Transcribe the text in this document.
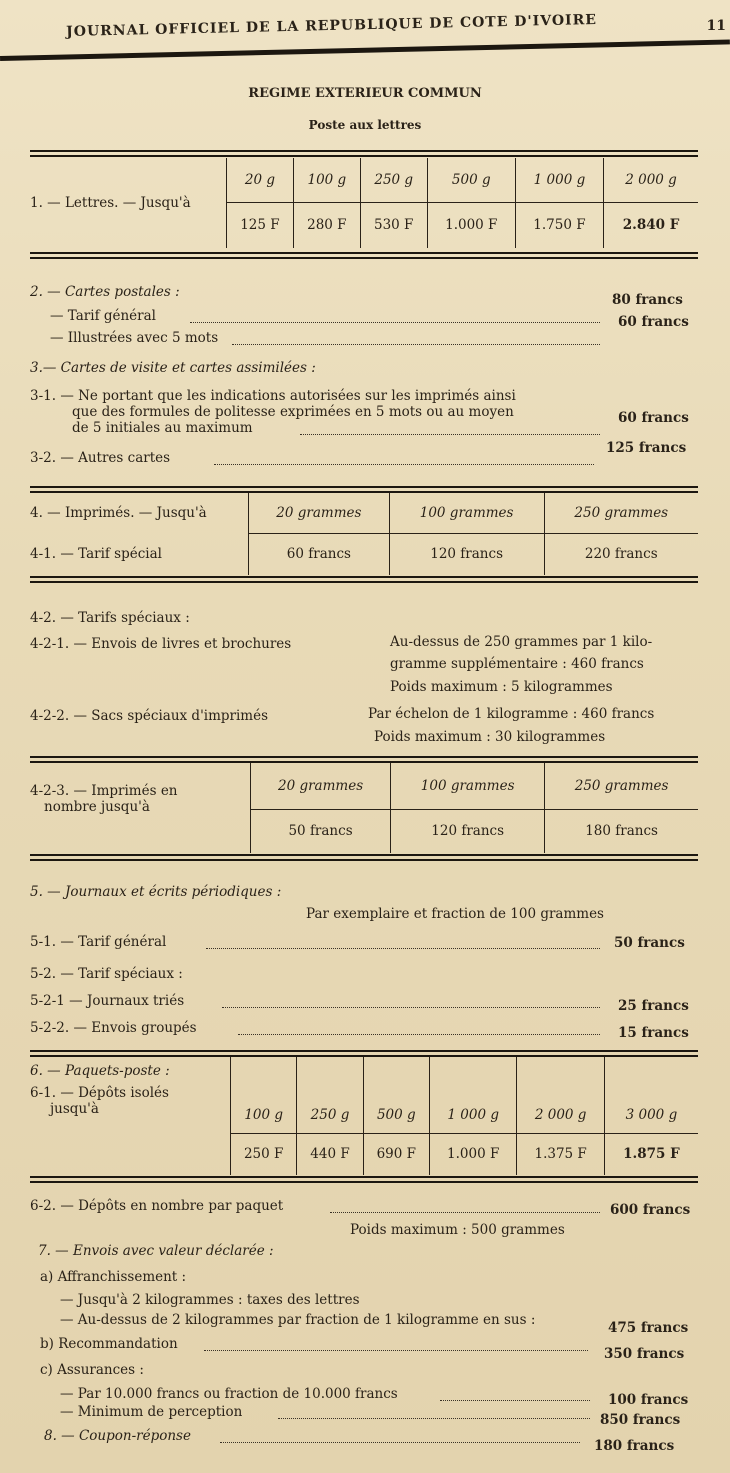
JOURNAL OFFICIEL DE LA REPUBLIQUE DE COTE D'IVOIRE	11
REGIME EXTERIEUR COMMUN
Poste aux lettres
1. — Lettres. — Jusqu'à	20 g	100 g	250 g	500 g	1 000 g	2 000 g
	125 F	280 F	530 F	1.000 F	1.750 F	2.840 F
2. — Cartes postales :
— Tarif général
80 francs
— Illustrées avec 5 mots
60 francs
3.— Cartes de visite et cartes assimilées :
3-1. — Ne portant que les indications autorisées sur les imprimés ainsi
que des formules de politesse exprimées en 5 mots ou au moyen
de 5 initiales au maximum
60 francs
3-2. — Autres cartes
125 francs
4. — Imprimés. — Jusqu'à	20 grammes	100 grammes	250 grammes
4-1. — Tarif spécial	60 francs	120 francs	220 francs
4-2. — Tarifs spéciaux :
4-2-1. — Envois de livres et brochures	Au-dessus de 250 grammes par 1 kilo-
gramme supplémentaire : 460 francs
Poids maximum : 5 kilogrammes
4-2-2. — Sacs spéciaux d'imprimés	Par échelon de 1 kilogramme : 460 francs
Poids maximum : 30 kilogrammes
4-2-3. — Imprimés en
nombre jusqu'à	20 grammes	100 grammes	250 grammes
	50 francs	120 francs	180 francs
5. — Journaux et écrits périodiques :
Par exemplaire et fraction de 100 grammes
5-1. — Tarif général	50 francs
5-2. — Tarif spéciaux :
5-2-1 — Journaux triés	25 francs
5-2-2. — Envois groupés	15 francs
6. — Paquets-poste :
6-1. — Dépôts isolés
jusqu'à	100 g	250 g	500 g	1 000 g	2 000 g	3 000 g
	250 F	440 F	690 F	1.000 F	1.375 F	1.875 F
6-2. — Dépôts en nombre par paquet	600 francs
Poids maximum : 500 grammes
7. — Envois avec valeur déclarée :
a) Affranchissement :
— Jusqu'à 2 kilogrammes : taxes des lettres
— Au-dessus de 2 kilogrammes par fraction de 1 kilogramme en sus :	475 francs
b) Recommandation
350 francs
c) Assurances :
— Par 10.000 francs ou fraction de 10.000 francs	100 francs
— Minimum de perception	850 francs
8. — Coupon-réponse
180 francs
